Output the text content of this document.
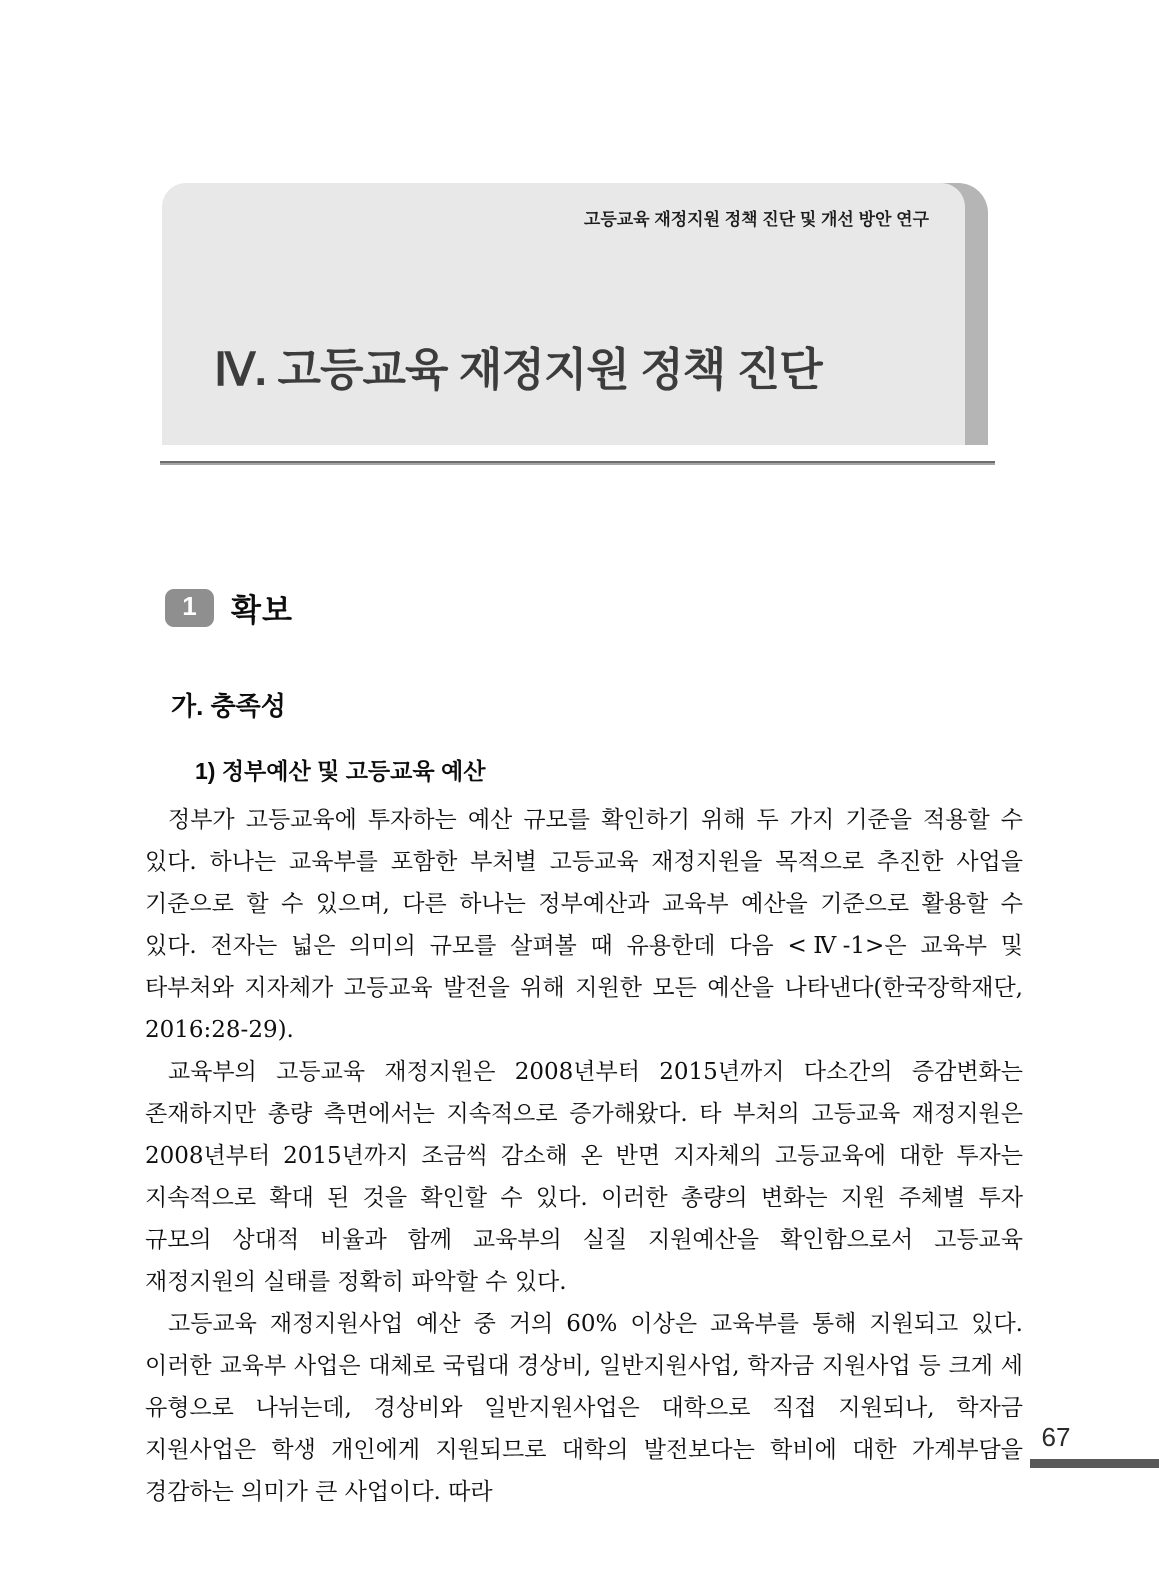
고등교육 재정지원 정책 진단 및 개선 방안 연구
Ⅳ. 고등교육 재정지원 정책 진단
1	확보
가. 충족성
1) 정부예산 및 고등교육 예산

정부가 고등교육에 투자하는 예산 규모를 확인하기 위해 두 가지 기준을 적용할 수 있다. 하나는 교육부를 포함한 부처별 고등교육 재정지원을 목적으로 추진한 사업을 기준으로 할 수 있으며, 다른 하나는 정부예산과 교육부 예산을 기준으로 활용할 수 있다. 전자는 넓은 의미의 규모를 살펴볼 때 유용한데 다음 <Ⅳ-1>은 교육부 및 타부처와 지자체가 고등교육 발전을 위해 지원한 모든 예산을 나타낸다(한국장학재단, 2016:28-29).

교육부의 고등교육 재정지원은 2008년부터 2015년까지 다소간의 증감변화는 존재하지만 총량 측면에서는 지속적으로 증가해왔다. 타 부처의 고등교육 재정지원은 2008년부터 2015년까지 조금씩 감소해 온 반면 지자체의 고등교육에 대한 투자는 지속적으로 확대 된 것을 확인할 수 있다. 이러한 총량의 변화는 지원 주체별 투자 규모의 상대적 비율과 함께 교육부의 실질 지원예산을 확인함으로서 고등교육 재정지원의 실태를 정확히 파악할 수 있다.

고등교육 재정지원사업 예산 중 거의 60% 이상은 교육부를 통해 지원되고 있다. 이러한 교육부 사업은 대체로 국립대 경상비, 일반지원사업, 학자금 지원사업 등 크게 세 유형으로 나뉘는데, 경상비와 일반지원사업은 대학으로 직접 지원되나, 학자금 지원사업은 학생 개인에게 지원되므로 대학의 발전보다는 학비에 대한 가계부담을 경감하는 의미가 큰 사업이다. 따라

67
